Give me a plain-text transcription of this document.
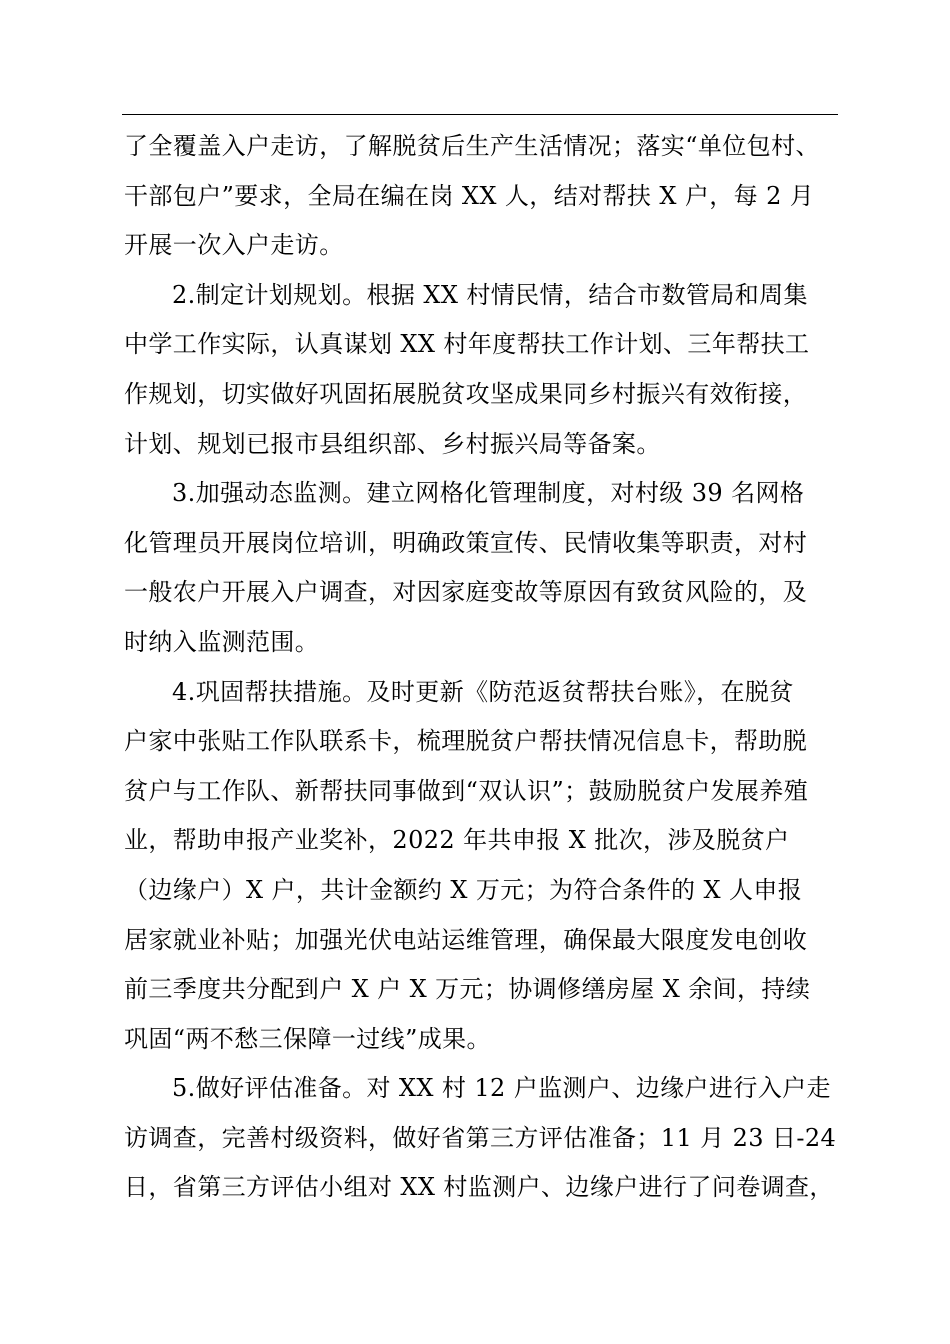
了全覆盖入户走访，了解脱贫后生产生活情况；落实“单位包村、
干部包户”要求，全局在编在岗 XX 人，结对帮扶 X 户，每 2 月
开展一次入户走访。
2.制定计划规划。根据 XX 村情民情，结合市数管局和周集
中学工作实际，认真谋划 XX 村年度帮扶工作计划、三年帮扶工
作规划，切实做好巩固拓展脱贫攻坚成果同乡村振兴有效衔接，
计划、规划已报市县组织部、乡村振兴局等备案。
3.加强动态监测。建立网格化管理制度，对村级 39 名网格
化管理员开展岗位培训，明确政策宣传、民情收集等职责，对村
一般农户开展入户调查，对因家庭变故等原因有致贫风险的，及
时纳入监测范围。
4.巩固帮扶措施。及时更新《防范返贫帮扶台账》，在脱贫
户家中张贴工作队联系卡，梳理脱贫户帮扶情况信息卡，帮助脱
贫户与工作队、新帮扶同事做到“双认识”；鼓励脱贫户发展养殖
业，帮助申报产业奖补，2022 年共申报 X 批次，涉及脱贫户
（边缘户）X 户，共计金额约 X 万元；为符合条件的 X 人申报
居家就业补贴；加强光伏电站运维管理，确保最大限度发电创收
前三季度共分配到户 X 户 X 万元；协调修缮房屋 X 余间，持续
巩固“两不愁三保障一过线”成果。
5.做好评估准备。对 XX 村 12 户监测户、边缘户进行入户走
访调查，完善村级资料，做好省第三方评估准备；11 月 23 日-24
日，省第三方评估小组对 XX 村监测户、边缘户进行了问卷调查，
